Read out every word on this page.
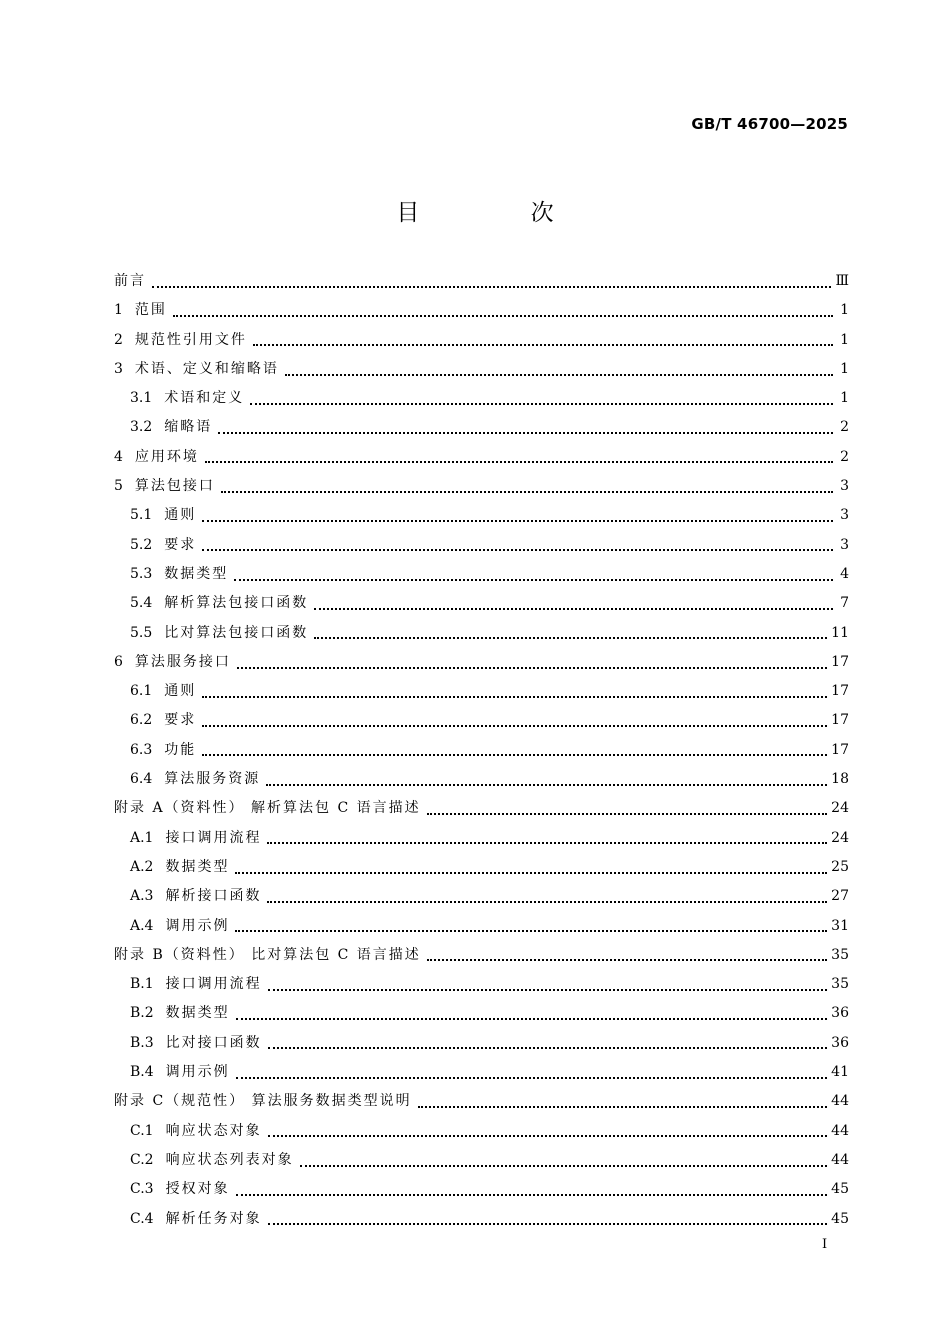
GB/T 46700—2025
目 次
前言	Ⅲ
1 范围	1
2 规范性引用文件	1
3 术语、定义和缩略语	1
3.1 术语和定义	1
3.2 缩略语	2
4 应用环境	2
5 算法包接口	3
5.1 通则	3
5.2 要求	3
5.3 数据类型	4
5.4 解析算法包接口函数	7
5.5 比对算法包接口函数	11
6 算法服务接口	17
6.1 通则	17
6.2 要求	17
6.3 功能	17
6.4 算法服务资源	18
附录 A（资料性） 解析算法包 C 语言描述	24
A.1 接口调用流程	24
A.2 数据类型	25
A.3 解析接口函数	27
A.4 调用示例	31
附录 B（资料性） 比对算法包 C 语言描述	35
B.1 接口调用流程	35
B.2 数据类型	36
B.3 比对接口函数	36
B.4 调用示例	41
附录 C（规范性） 算法服务数据类型说明	44
C.1 响应状态对象	44
C.2 响应状态列表对象	44
C.3 授权对象	45
C.4 解析任务对象	45
Ⅰ
